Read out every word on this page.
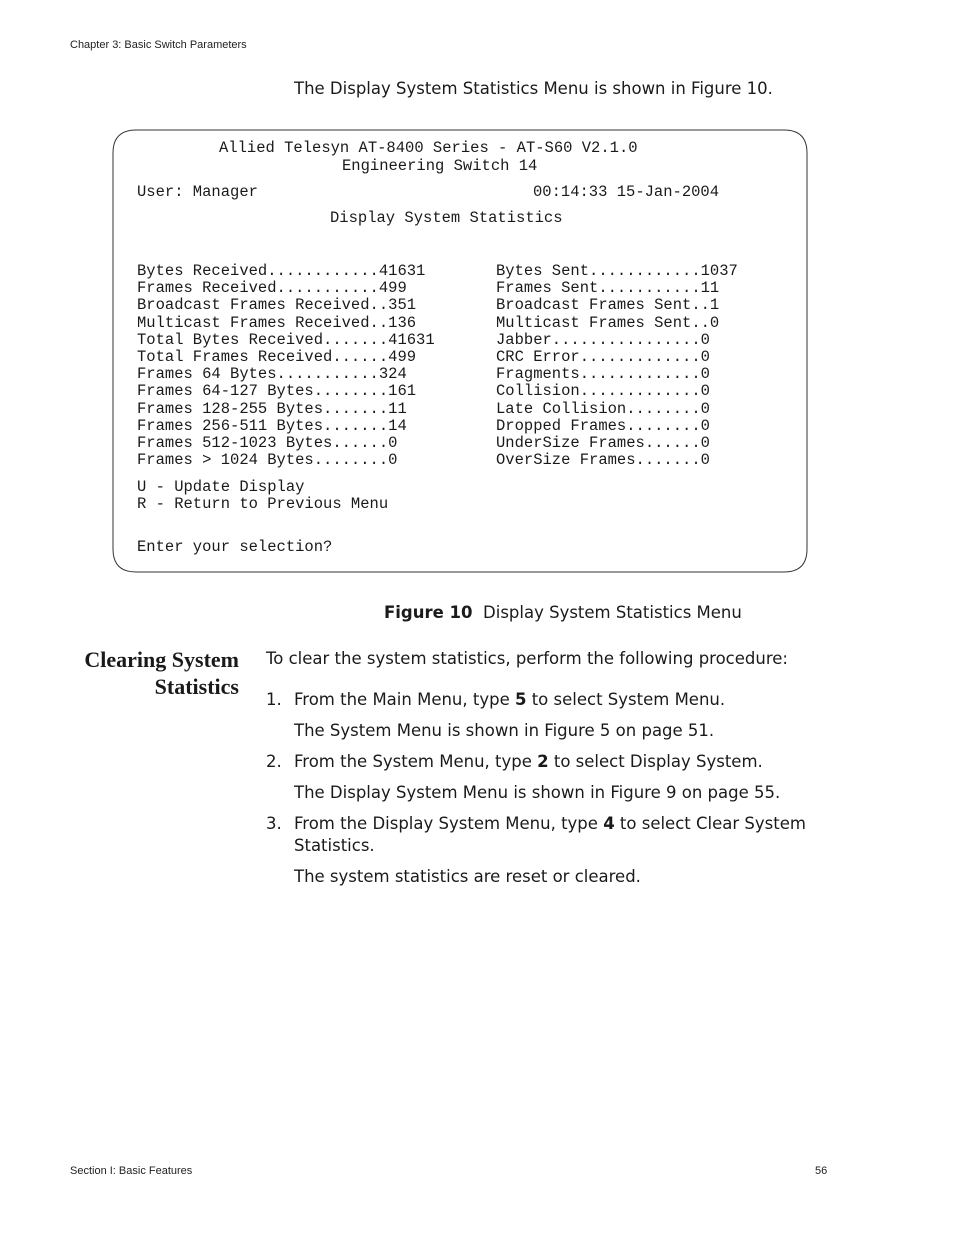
Chapter 3: Basic Switch Parameters
The Display System Statistics Menu is shown in Figure 10.
Allied Telesyn AT-8400 Series - AT-S60 V2.1.0
Engineering Switch 14
User: Manager	00:14:33 15-Jan-2004
Display System Statistics
Bytes Received............41631
Frames Received...........499
Broadcast Frames Received..351
Multicast Frames Received..136
Total Bytes Received.......41631
Total Frames Received......499
Frames 64 Bytes...........324
Frames 64-127 Bytes........161
Frames 128-255 Bytes.......11
Frames 256-511 Bytes.......14
Frames 512-1023 Bytes......0
Frames > 1024 Bytes........0
Bytes Sent............1037
Frames Sent...........11
Broadcast Frames Sent..1
Multicast Frames Sent..0
Jabber................0
CRC Error.............0
Fragments.............0
Collision.............0
Late Collision........0
Dropped Frames........0
UnderSize Frames......0
OverSize Frames.......0
U - Update Display
R - Return to Previous Menu
Enter your selection?
Figure 10 Display System Statistics Menu
Clearing System
Statistics
To clear the system statistics, perform the following procedure:
1. From the Main Menu, type 5 to select System Menu.
The System Menu is shown in Figure 5 on page 51.
2. From the System Menu, type 2 to select Display System.
The Display System Menu is shown in Figure 9 on page 55.
3. From the Display System Menu, type 4 to select Clear System
Statistics.
The system statistics are reset or cleared.
Section I: Basic Features	56
